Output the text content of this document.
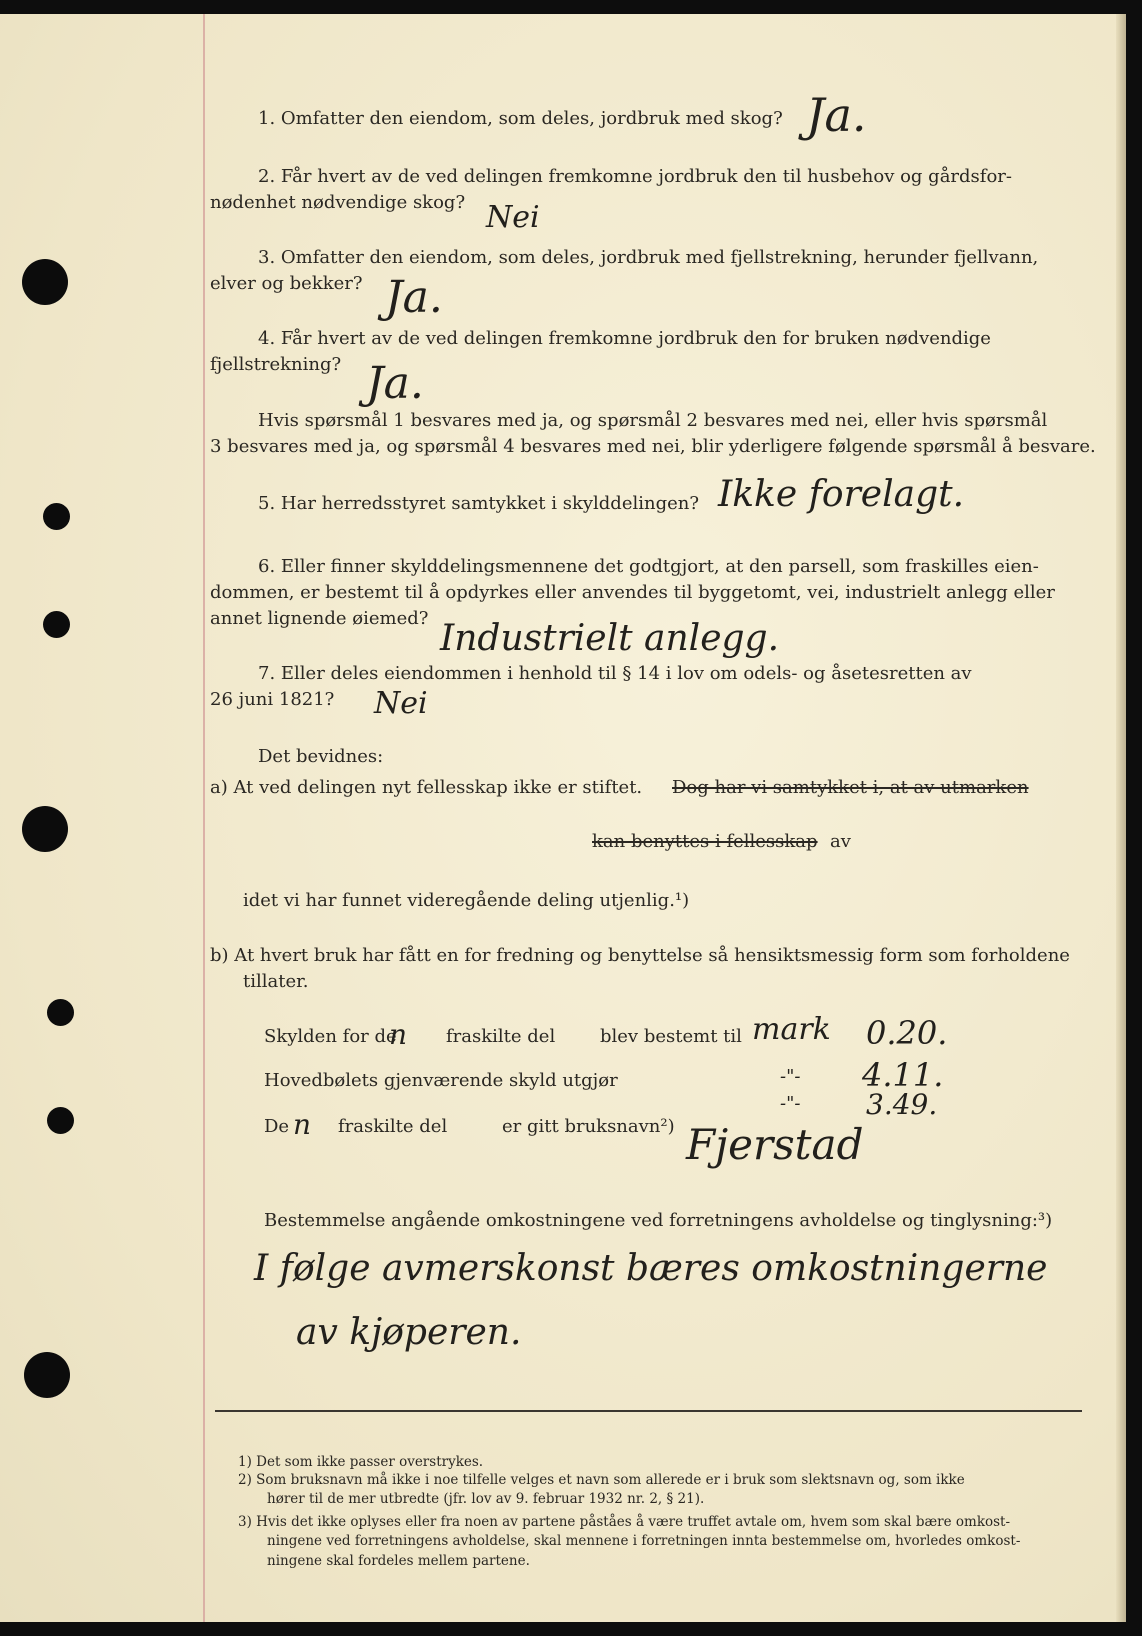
1. Omfatter den eiendom, som deles, jordbruk med skog? Ja.
2. Får hvert av de ved delingen fremkomne jordbruk den til husbehov og gårdsfor-
nødenhet nødvendige skog? Nei
3. Omfatter den eiendom, som deles, jordbruk med fjellstrekning, herunder fjellvann,
elver og bekker? Ja.
4. Får hvert av de ved delingen fremkomne jordbruk den for bruken nødvendige
fjellstrekning? Ja.
Hvis spørsmål 1 besvares med ja, og spørsmål 2 besvares med nei, eller hvis spørsmål
3 besvares med ja, og spørsmål 4 besvares med nei, blir yderligere følgende spørsmål å besvare.
5. Har herredsstyret samtykket i skylddelingen? Ikke forelagt.
6. Eller finner skylddelingsmennene det godtgjort, at den parsell, som fraskilles eien-
dommen, er bestemt til å opdyrkes eller anvendes til byggetomt, vei, industrielt anlegg eller
annet lignende øiemed? Industrielt anlegg.
7. Eller deles eiendommen i henhold til § 14 i lov om odels- og åsetesretten av
26 juni 1821? Nei
Det bevidnes:
a) At ved delingen nyt fellesskap ikke er stiftet. Dog har vi samtykket i, at av utmarken
kan benyttes i fellesskap av
idet vi har funnet videregående deling utjenlig.¹)
b) At hvert bruk har fått en for fredning og benyttelse så hensiktsmessig form som forholdene
tillater.
Skylden for de
n fraskilte del blev bestemt til mark 0.20.
Hovedbølets gjenværende skyld utgjør	-"- 4.11.
-"- 3.49.
De n fraskilte del	er gitt bruksnavn²) Fjerstad
Bestemmelse angående omkostningene ved forretningens avholdelse og tinglysning:³)
I følge avmerskonst bæres omkostningerne
av kjøperen.
1) Det som ikke passer overstrykes.
2) Som bruksnavn må ikke i noe tilfelle velges et navn som allerede er i bruk som slektsnavn og, som ikke
hører til de mer utbredte (jfr. lov av 9. februar 1932 nr. 2, § 21).
3) Hvis det ikke oplyses eller fra noen av partene påståes å være truffet avtale om, hvem som skal bære omkost-
ningene ved forretningens avholdelse, skal mennene i forretningen innta bestemmelse om, hvorledes omkost-
ningene skal fordeles mellem partene.
